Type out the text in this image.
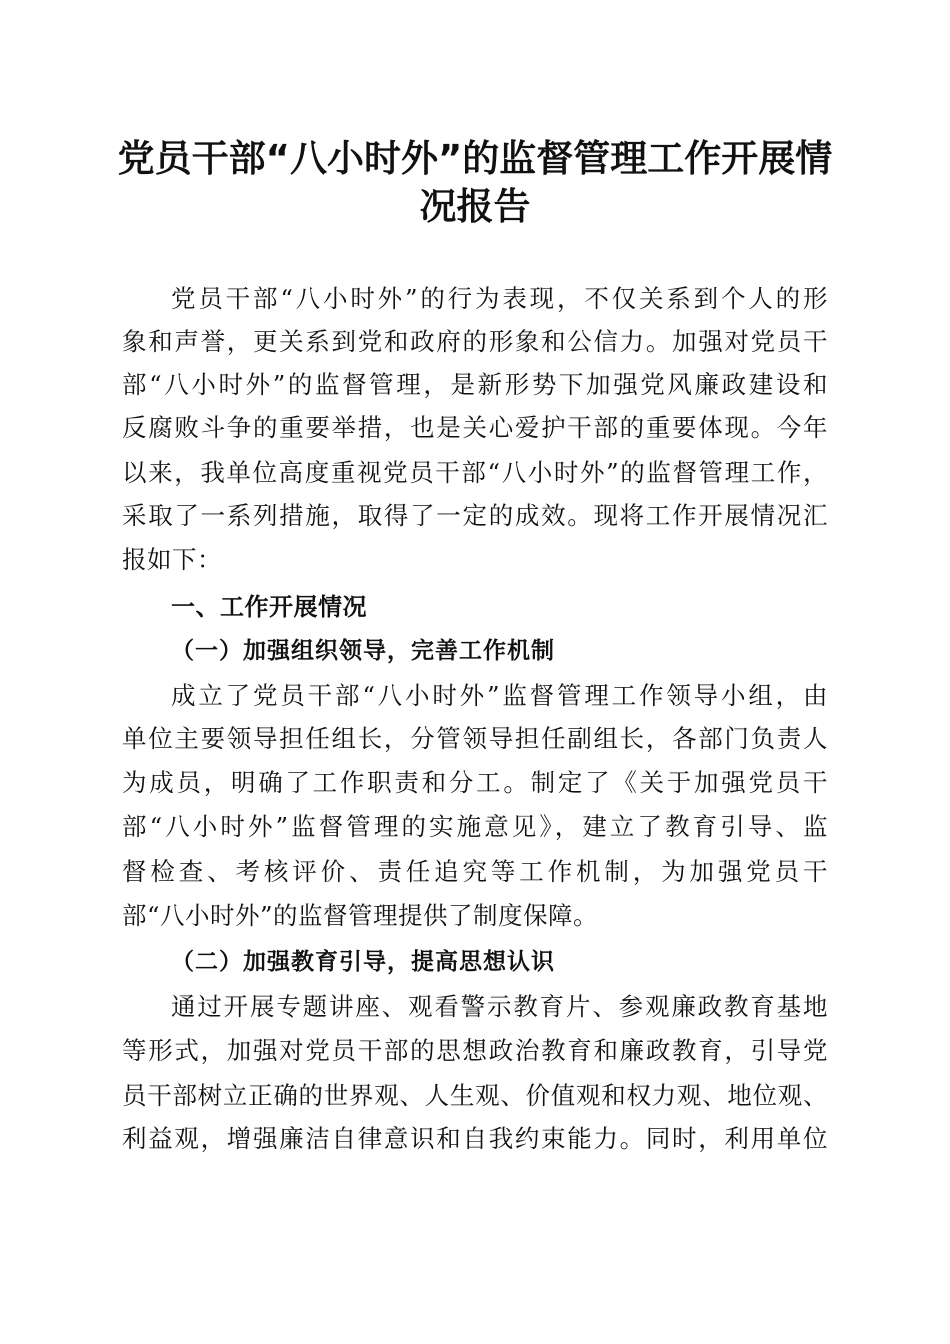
党员干部“八小时外”的监督管理工作开展情
况报告
党员干部“八小时外”的行为表现，不仅关系到个人的形
象和声誉，更关系到党和政府的形象和公信力。加强对党员干
部“八小时外”的监督管理，是新形势下加强党风廉政建设和
反腐败斗争的重要举措，也是关心爱护干部的重要体现。今年
以来，我单位高度重视党员干部“八小时外”的监督管理工作，
采取了一系列措施，取得了一定的成效。现将工作开展情况汇
报如下：
一、工作开展情况
（一）加强组织领导，完善工作机制
成立了党员干部“八小时外”监督管理工作领导小组，由
单位主要领导担任组长，分管领导担任副组长，各部门负责人
为成员，明确了工作职责和分工。制定了《关于加强党员干
部“八小时外”监督管理的实施意见》，建立了教育引导、监
督检查、考核评价、责任追究等工作机制，为加强党员干
部“八小时外”的监督管理提供了制度保障。
（二）加强教育引导，提高思想认识
通过开展专题讲座、观看警示教育片、参观廉政教育基地
等形式，加强对党员干部的思想政治教育和廉政教育，引导党
员干部树立正确的世界观、人生观、价值观和权力观、地位观、
利益观，增强廉洁自律意识和自我约束能力。同时，利用单位
